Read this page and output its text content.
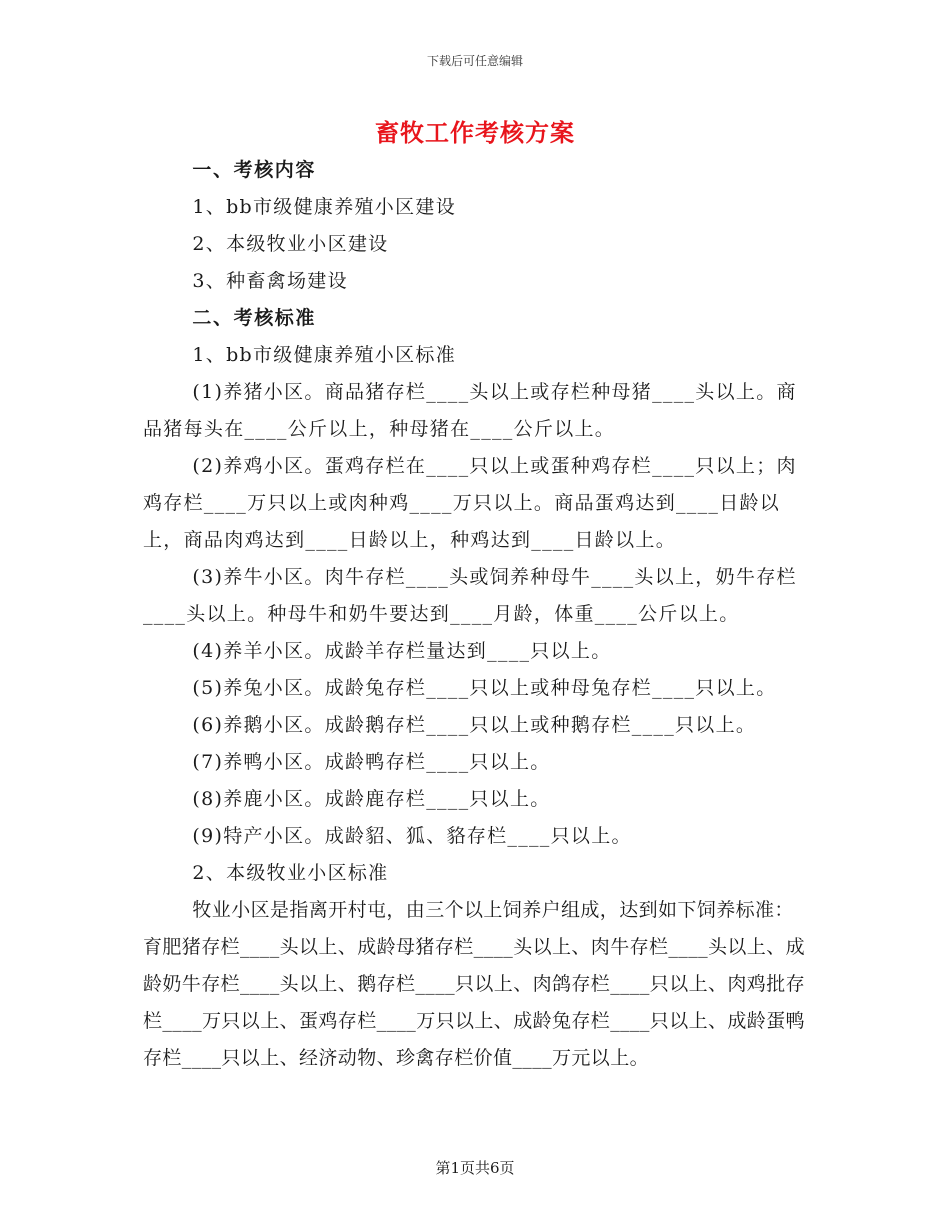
下载后可任意编辑
畜牧工作考核方案

一、考核内容

1、bb市级健康养殖小区建设

2、本级牧业小区建设

3、种畜禽场建设

二、考核标准

1、bb市级健康养殖小区标准

(1)养猪小区。商品猪存栏____头以上或存栏种母猪____头以上。商品猪每头在____公斤以上，种母猪在____公斤以上。

(2)养鸡小区。蛋鸡存栏在____只以上或蛋种鸡存栏____只以上；肉鸡存栏____万只以上或肉种鸡____万只以上。商品蛋鸡达到____日龄以上，商品肉鸡达到____日龄以上，种鸡达到____日龄以上。

(3)养牛小区。肉牛存栏____头或饲养种母牛____头以上，奶牛存栏____头以上。种母牛和奶牛要达到____月龄，体重____公斤以上。

(4)养羊小区。成龄羊存栏量达到____只以上。

(5)养兔小区。成龄兔存栏____只以上或种母兔存栏____只以上。

(6)养鹅小区。成龄鹅存栏____只以上或种鹅存栏____只以上。

(7)养鸭小区。成龄鸭存栏____只以上。

(8)养鹿小区。成龄鹿存栏____只以上。

(9)特产小区。成龄貂、狐、貉存栏____只以上。

2、本级牧业小区标准

牧业小区是指离开村屯，由三个以上饲养户组成，达到如下饲养标准：育肥猪存栏____头以上、成龄母猪存栏____头以上、肉牛存栏____头以上、成龄奶牛存栏____头以上、鹅存栏____只以上、肉鸽存栏____只以上、肉鸡批存栏____万只以上、蛋鸡存栏____万只以上、成龄兔存栏____只以上、成龄蛋鸭存栏____只以上、经济动物、珍禽存栏价值____万元以上。

第1页共6页
